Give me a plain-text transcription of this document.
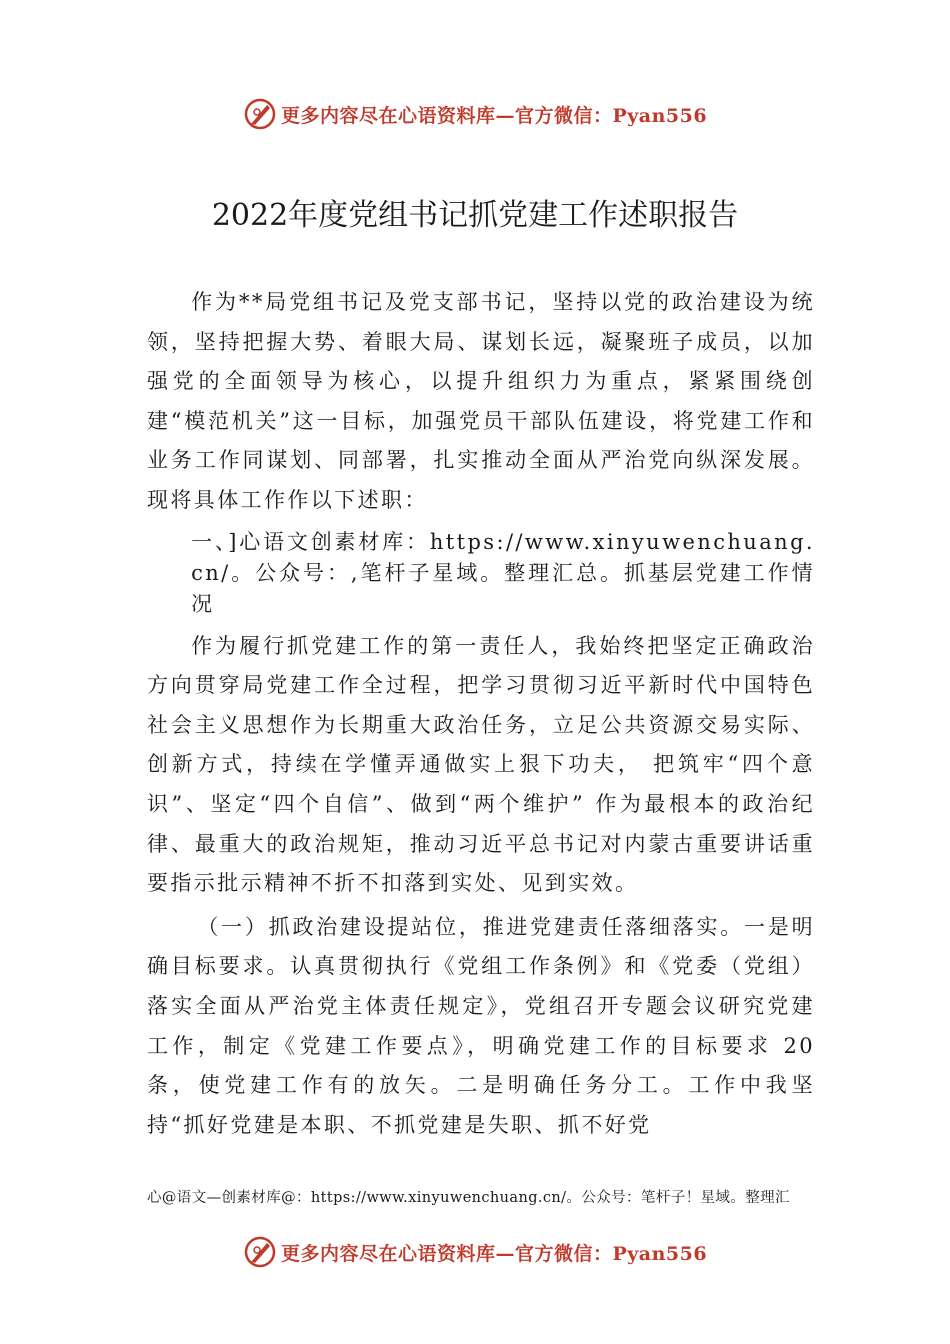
更多内容尽在心语资料库—官方微信：Pyan556
2022年度党组书记抓党建工作述职报告

作为**局党组书记及党支部书记，坚持以党的政治建设为统领，坚持把握大势、着眼大局、谋划长远，凝聚班子成员，以加强党的全面领导为核心，以提升组织力为重点，紧紧围绕创建“模范机关”这一目标，加强党员干部队伍建设，将党建工作和业务工作同谋划、同部署，扎实推动全面从严治党向纵深发展。现将具体工作作以下述职：

一、]心语文创素材库：https://www.xinyuwenchuang.cn/。公众号：,笔杆子星域。整理汇总。抓基层党建工作情况

作为履行抓党建工作的第一责任人，我始终把坚定正确政治方向贯穿局党建工作全过程，把学习贯彻习近平新时代中国特色社会主义思想作为长期重大政治任务，立足公共资源交易实际、创新方式，持续在学懂弄通做实上狠下功夫， 把筑牢“四个意识”、坚定“四个自信”、做到“两个维护” 作为最根本的政治纪律、最重大的政治规矩，推动习近平总书记对内蒙古重要讲话重要指示批示精神不折不扣落到实处、见到实效。

（一）抓政治建设提站位，推进党建责任落细落实。一是明确目标要求。认真贯彻执行《党组工作条例》和《党委（党组）落实全面从严治党主体责任规定》，党组召开专题会议研究党建工作，制定《党建工作要点》，明确党建工作的目标要求 20 条，使党建工作有的放矢。二是明确任务分工。工作中我坚持“抓好党建是本职、不抓党建是失职、抓不好党

心@语文—创素材库@：https://www.xinyuwenchuang.cn/。公众号：笔杆子！星域。整理汇
更多内容尽在心语资料库—官方微信：Pyan556
